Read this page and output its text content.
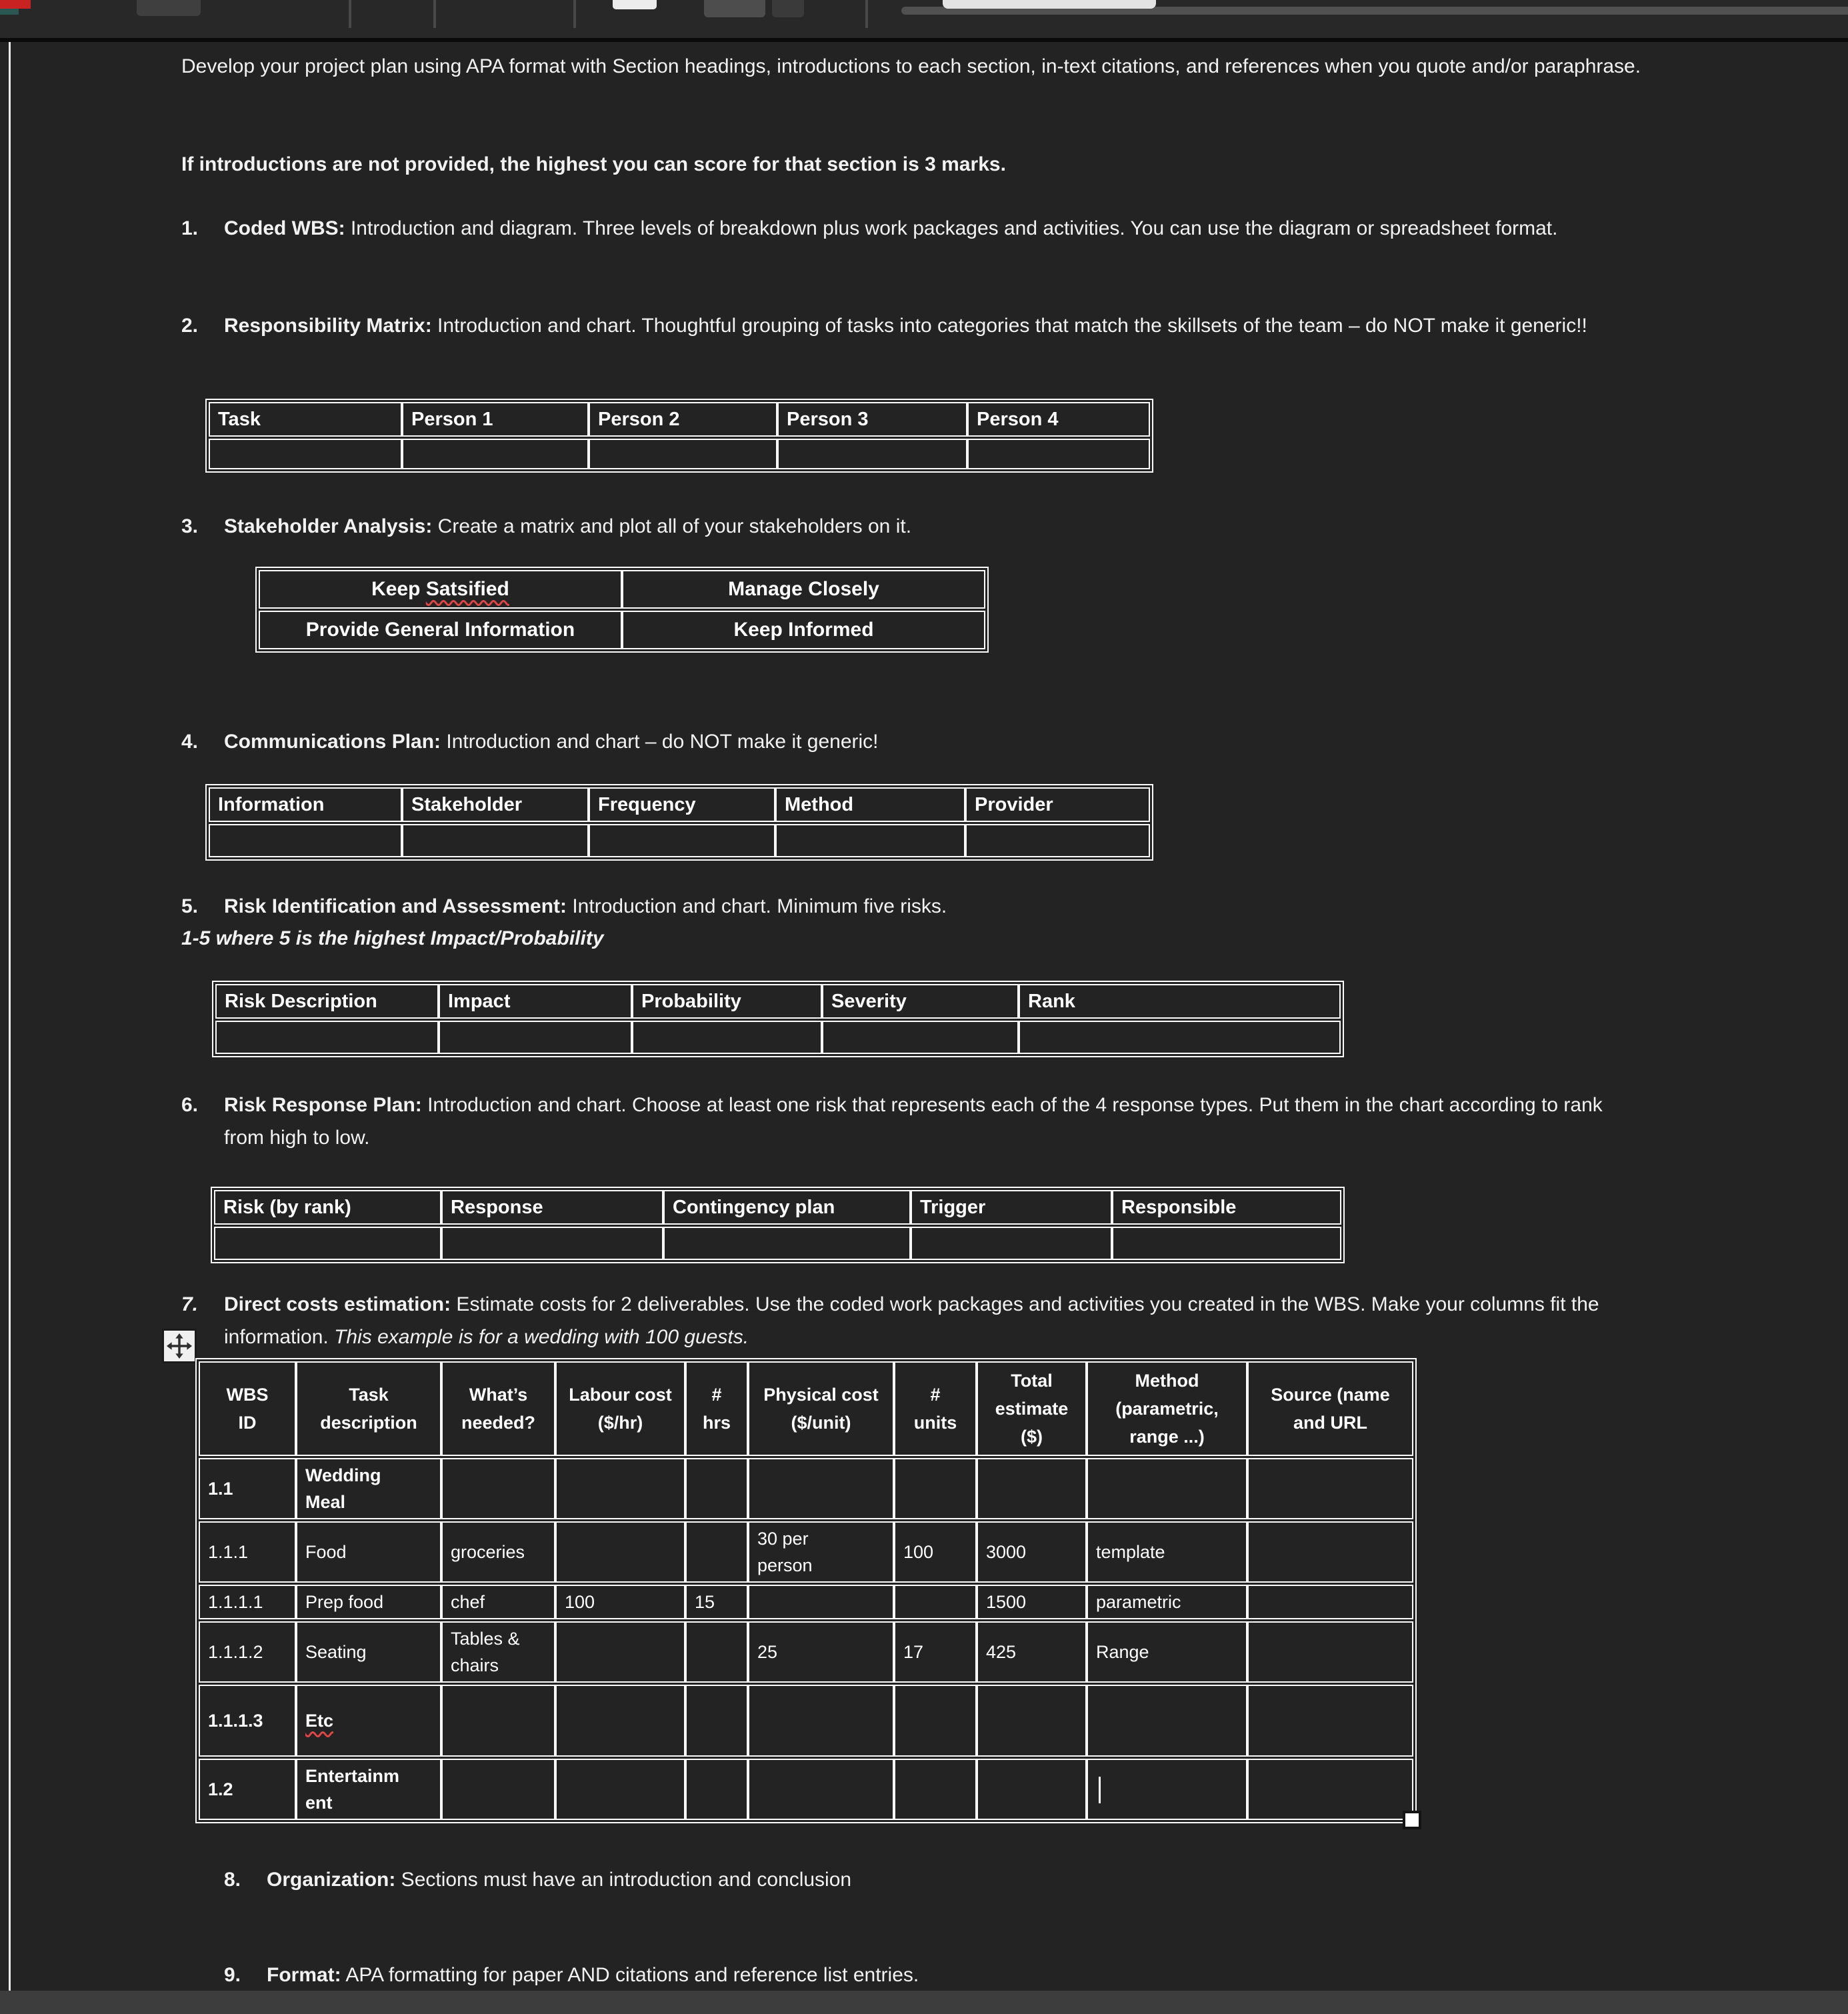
Develop your project plan using APA format with Section headings, introductions to each section, in-text citations, and references when you quote and/or paraphrase.
If introductions are not provided, the highest you can score for that section is 3 marks.
1. Coded WBS: Introduction and diagram. Three levels of breakdown plus work packages and activities. You can use the diagram or spreadsheet format.
2. Responsibility Matrix: Introduction and chart. Thoughtful grouping of tasks into categories that match the skillsets of the team – do NOT make it generic!!
Task	Person 1	Person 2	Person 3	Person 4

3. Stakeholder Analysis: Create a matrix and plot all of your stakeholders on it.
Keep Satsified	Manage Closely
Provide General Information	Keep Informed
4. Communications Plan: Introduction and chart – do NOT make it generic!
Information	Stakeholder	Frequency	Method	Provider

5. Risk Identification and Assessment: Introduction and chart. Minimum five risks.
1-5 where 5 is the highest Impact/Probability
Risk Description	Impact	Probability	Severity	Rank

6. Risk Response Plan: Introduction and chart. Choose at least one risk that represents each of the 4 response types. Put them in the chart according to rank from high to low.
Risk (by rank)	Response	Contingency plan	Trigger	Responsible

7. Direct costs estimation: Estimate costs for 2 deliverables. Use the coded work packages and activities you created in the WBS. Make your columns fit the information. This example is for a wedding with 100 guests.
WBS ID	Task description	What’s needed?	Labour cost ($/hr)	# hrs	Physical cost ($/unit)	# units	Total estimate ($)	Method (parametric, range ...)	Source (name and URL
1.1	Wedding Meal								
1.1.1	Food	groceries			30 per person	100	3000	template	
1.1.1.1	Prep food	chef	100	15			1500	parametric	
1.1.1.2	Seating	Tables & chairs			25	17	425	Range	
1.1.1.3	Etc								
1.2	Entertainment								
8. Organization: Sections must have an introduction and conclusion
9. Format: APA formatting for paper AND citations and reference list entries.
